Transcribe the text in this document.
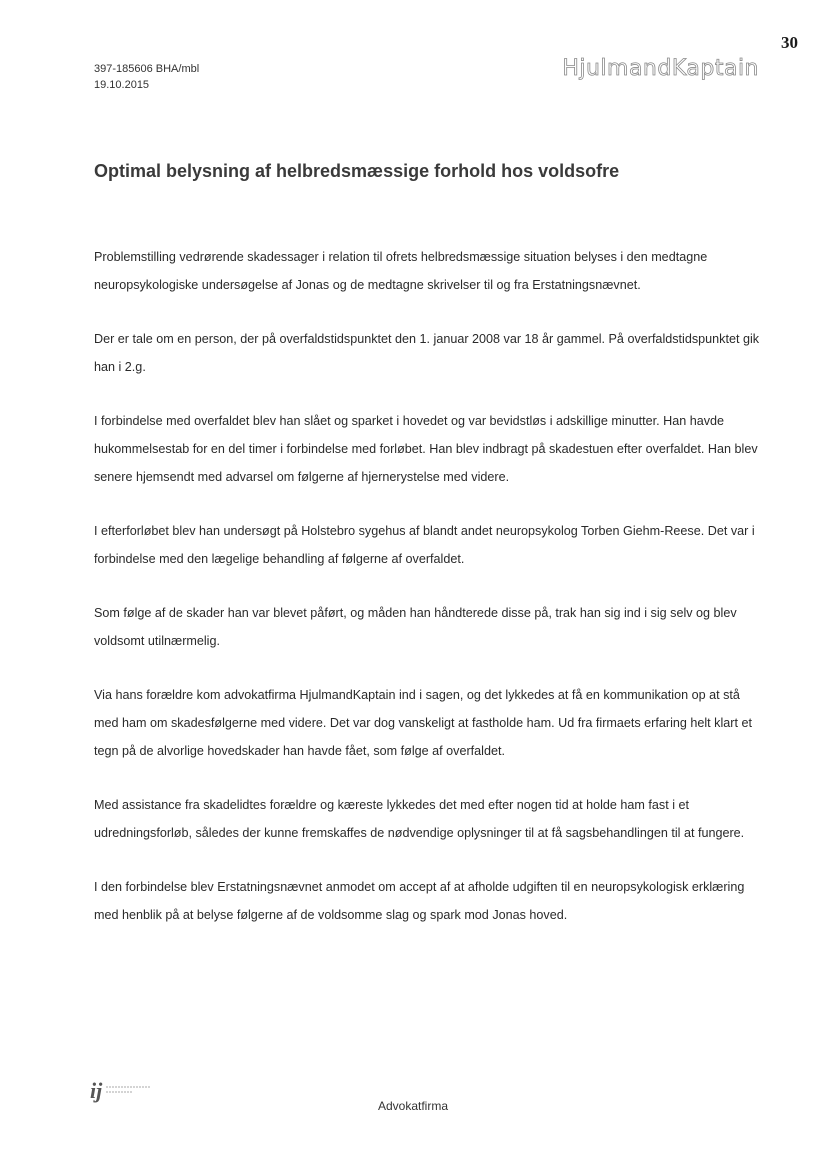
30
397-185606 BHA/mbl
19.10.2015
HjulmandKaptain
Optimal belysning af helbredsmæssige forhold hos voldsofre

Problemstilling vedrørende skadessager i relation til ofrets helbredsmæssige situation belyses i den medtagne neuropsykologiske undersøgelse af Jonas og de medtagne skrivelser til og fra Erstatningsnævnet.

Der er tale om en person, der på overfaldstidspunktet den 1. januar 2008 var 18 år gammel. På overfaldstidspunktet gik han i 2.g.

I forbindelse med overfaldet blev han slået og sparket i hovedet og var bevidstløs i adskillige minutter. Han havde hukommelsestab for en del timer i forbindelse med forløbet. Han blev indbragt på skadestuen efter overfaldet. Han blev senere hjemsendt med advarsel om følgerne af hjernerystelse med videre.

I efterforløbet blev han undersøgt på Holstebro sygehus af blandt andet neuropsykolog Torben Giehm-Reese. Det var i forbindelse med den lægelige behandling af følgerne af overfaldet.

Som følge af de skader han var blevet påført, og måden han håndterede disse på, trak han sig ind i sig selv og blev voldsomt utilnærmelig.

Via hans forældre kom advokatfirma HjulmandKaptain ind i sagen, og det lykkedes at få en kommunikation op at stå med ham om skadesfølgerne med videre. Det var dog vanskeligt at fastholde ham. Ud fra firmaets erfaring helt klart et tegn på de alvorlige hovedskader han havde fået, som følge af overfaldet.

Med assistance fra skadelidtes forældre og kæreste lykkedes det med efter nogen tid at holde ham fast i et udredningsforløb, således der kunne fremskaffes de nødvendige oplysninger til at få sagsbehandlingen til at fungere.

I den forbindelse blev Erstatningsnævnet anmodet om accept af at afholde udgiften til en neuropsykologisk erklæring med henblik på at belyse følgerne af de voldsomme slag og spark mod Jonas hoved.

ij
Advokatfirma
